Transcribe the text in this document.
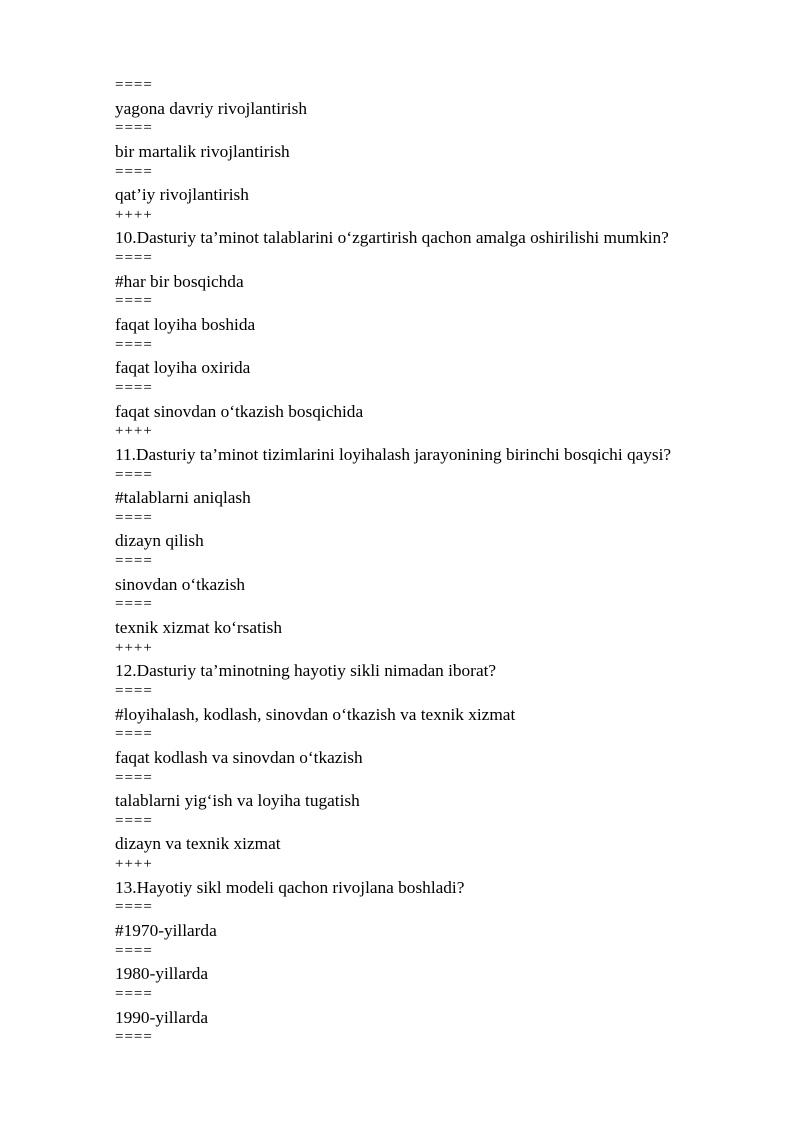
====
yagona davriy rivojlantirish
====
bir martalik rivojlantirish
====
qat’iy rivojlantirish
++++
10.Dasturiy ta’minot talablarini o‘zgartirish qachon amalga oshirilishi mumkin?
====
#har bir bosqichda
====
faqat loyiha boshida
====
faqat loyiha oxirida
====
faqat sinovdan o‘tkazish bosqichida
++++
11.Dasturiy ta’minot tizimlarini loyihalash jarayonining birinchi bosqichi qaysi?
====
#talablarni aniqlash
====
dizayn qilish
====
sinovdan o‘tkazish
====
texnik xizmat ko‘rsatish
++++
12.Dasturiy ta’minotning hayotiy sikli nimadan iborat?
====
#loyihalash, kodlash, sinovdan o‘tkazish va texnik xizmat
====
faqat kodlash va sinovdan o‘tkazish
====
talablarni yig‘ish va loyiha tugatish
====
dizayn va texnik xizmat
++++
13.Hayotiy sikl modeli qachon rivojlana boshladi?
====
#1970-yillarda
====
1980-yillarda
====
1990-yillarda
====
